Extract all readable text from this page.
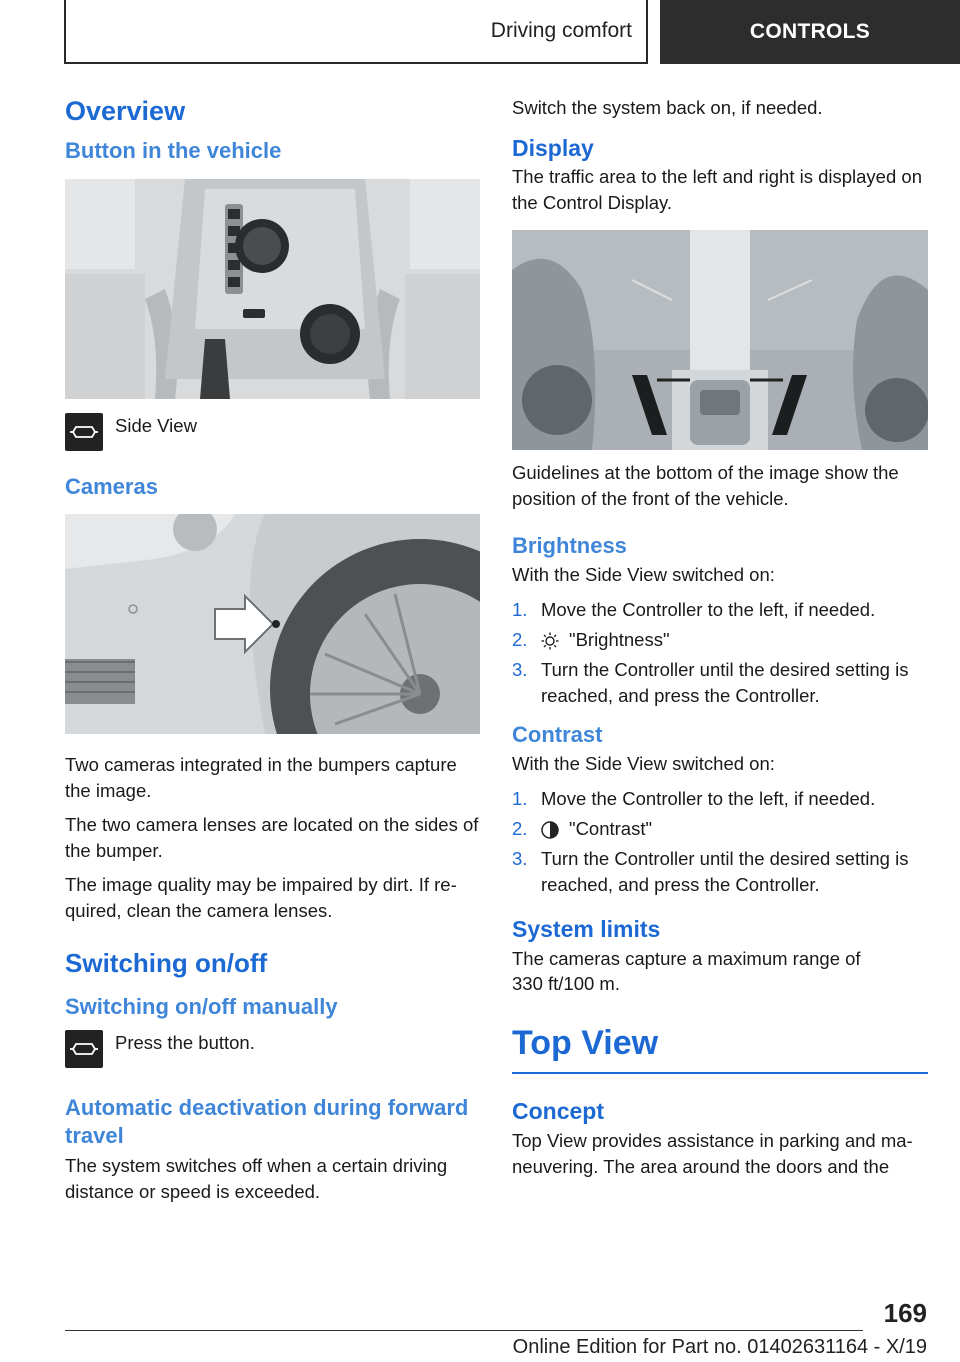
Driving comfort	CONTROLS
Overview
Button in the vehicle
Side View
Cameras

Two cameras integrated in the bumpers capture the image.

The two camera lenses are located on the sides of the bumper.

The image quality may be impaired by dirt. If re‐quired, clean the camera lenses.

Switching on/off
Switching on/off manually
Press the button.
Automatic deactivation during forward travel

The system switches off when a certain driving distance or speed is exceeded.

Switch the system back on, if needed.

Display

The traffic area to the left and right is displayed on the Control Display.

Guidelines at the bottom of the image show the position of the front of the vehicle.

Brightness

With the Side View switched on:

1. Move the Controller to the left, if needed.
2.	"Brightness"
3. Turn the Controller until the desired setting is reached, and press the Controller.
Contrast

With the Side View switched on:

1. Move the Controller to the left, if needed.
2.	"Contrast"
3. Turn the Controller until the desired setting is reached, and press the Controller.
System limits

The cameras capture a maximum range of 330 ft/100 m.

Top View
Concept

Top View provides assistance in parking and ma‐neuvering. The area around the doors and the

169
Online Edition for Part no. 01402631164 - X/19
